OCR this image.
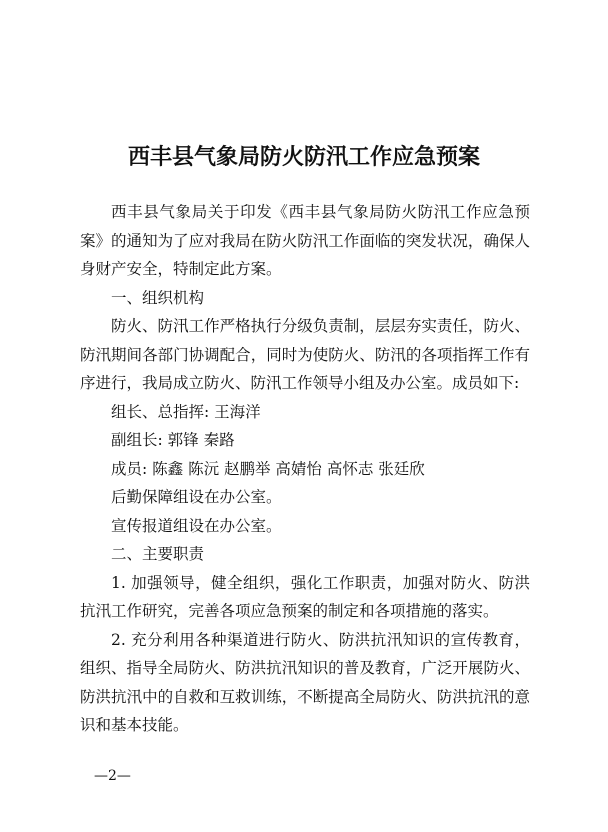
西丰县气象局防火防汛工作应急预案

西丰县气象局关于印发《西丰县气象局防火防汛工作应急预案》的通知为了应对我局在防火防汛工作面临的突发状况，确保人身财产安全，特制定此方案。

一、组织机构

防火、防汛工作严格执行分级负责制，层层夯实责任，防火、防汛期间各部门协调配合，同时为使防火、防汛的各项指挥工作有序进行，我局成立防火、防汛工作领导小组及办公室。成员如下:

组长、总指挥: 王海洋

副组长: 郭锋 秦路

成员: 陈鑫 陈沅 赵鹏举 高婧怡 高怀志 张廷欣

后勤保障组设在办公室。

宣传报道组设在办公室。

二、主要职责

1. 加强领导，健全组织，强化工作职责，加强对防火、防洪抗汛工作研究，完善各项应急预案的制定和各项措施的落实。

2. 充分利用各种渠道进行防火、防洪抗汛知识的宣传教育，组织、指导全局防火、防洪抗汛知识的普及教育，广泛开展防火、防洪抗汛中的自救和互救训练，不断提高全局防火、防洪抗汛的意识和基本技能。

—2—
